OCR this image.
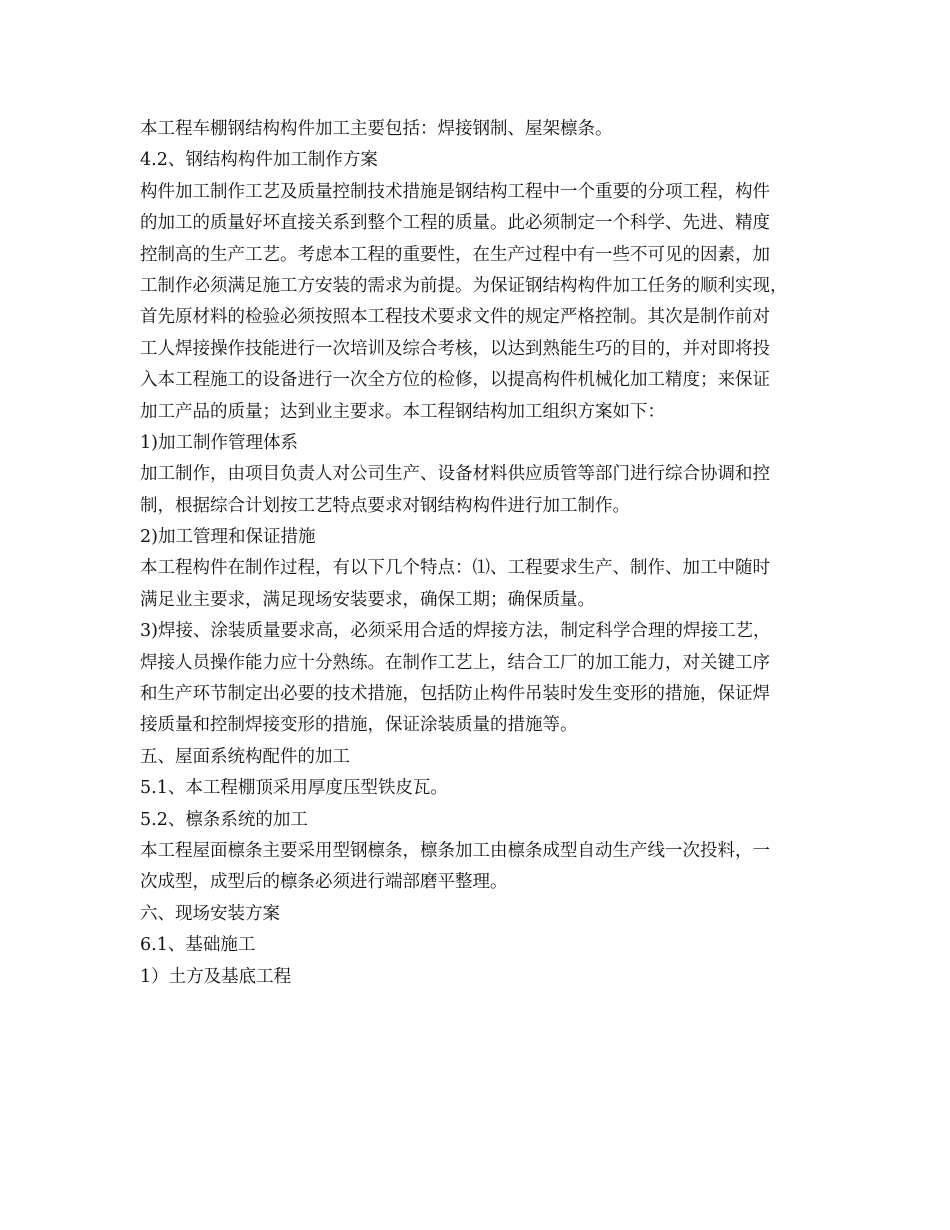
本工程车棚钢结构构件加工主要包括：焊接钢制、屋架檩条。
4.2、钢结构构件加工制作方案
构件加工制作工艺及质量控制技术措施是钢结构工程中一个重要的分项工程，构件
的加工的质量好坏直接关系到整个工程的质量。此必须制定一个科学、先进、精度
控制高的生产工艺。考虑本工程的重要性，在生产过程中有一些不可见的因素，加
工制作必须满足施工方安装的需求为前提。为保证钢结构构件加工任务的顺利实现，
首先原材料的检验必须按照本工程技术要求文件的规定严格控制。其次是制作前对
工人焊接操作技能进行一次培训及综合考核，以达到熟能生巧的目的，并对即将投
入本工程施工的设备进行一次全方位的检修，以提高构件机械化加工精度；来保证
加工产品的质量；达到业主要求。本工程钢结构加工组织方案如下：
1)加工制作管理体系
加工制作，由项目负责人对公司生产、设备材料供应质管等部门进行综合协调和控
制，根据综合计划按工艺特点要求对钢结构构件进行加工制作。
2)加工管理和保证措施
本工程构件在制作过程，有以下几个特点：⑴、工程要求生产、制作、加工中随时
满足业主要求，满足现场安装要求，确保工期；确保质量。
3)焊接、涂装质量要求高，必须采用合适的焊接方法，制定科学合理的焊接工艺，
焊接人员操作能力应十分熟练。在制作工艺上，结合工厂的加工能力，对关键工序
和生产环节制定出必要的技术措施，包括防止构件吊装时发生变形的措施，保证焊
接质量和控制焊接变形的措施，保证涂装质量的措施等。
五、屋面系统构配件的加工
5.1、本工程棚顶采用厚度压型铁皮瓦。
5.2、檩条系统的加工
本工程屋面檩条主要采用型钢檩条，檩条加工由檩条成型自动生产线一次投料，一
次成型，成型后的檩条必须进行端部磨平整理。
六、现场安装方案
6.1、基础施工
1）土方及基底工程
